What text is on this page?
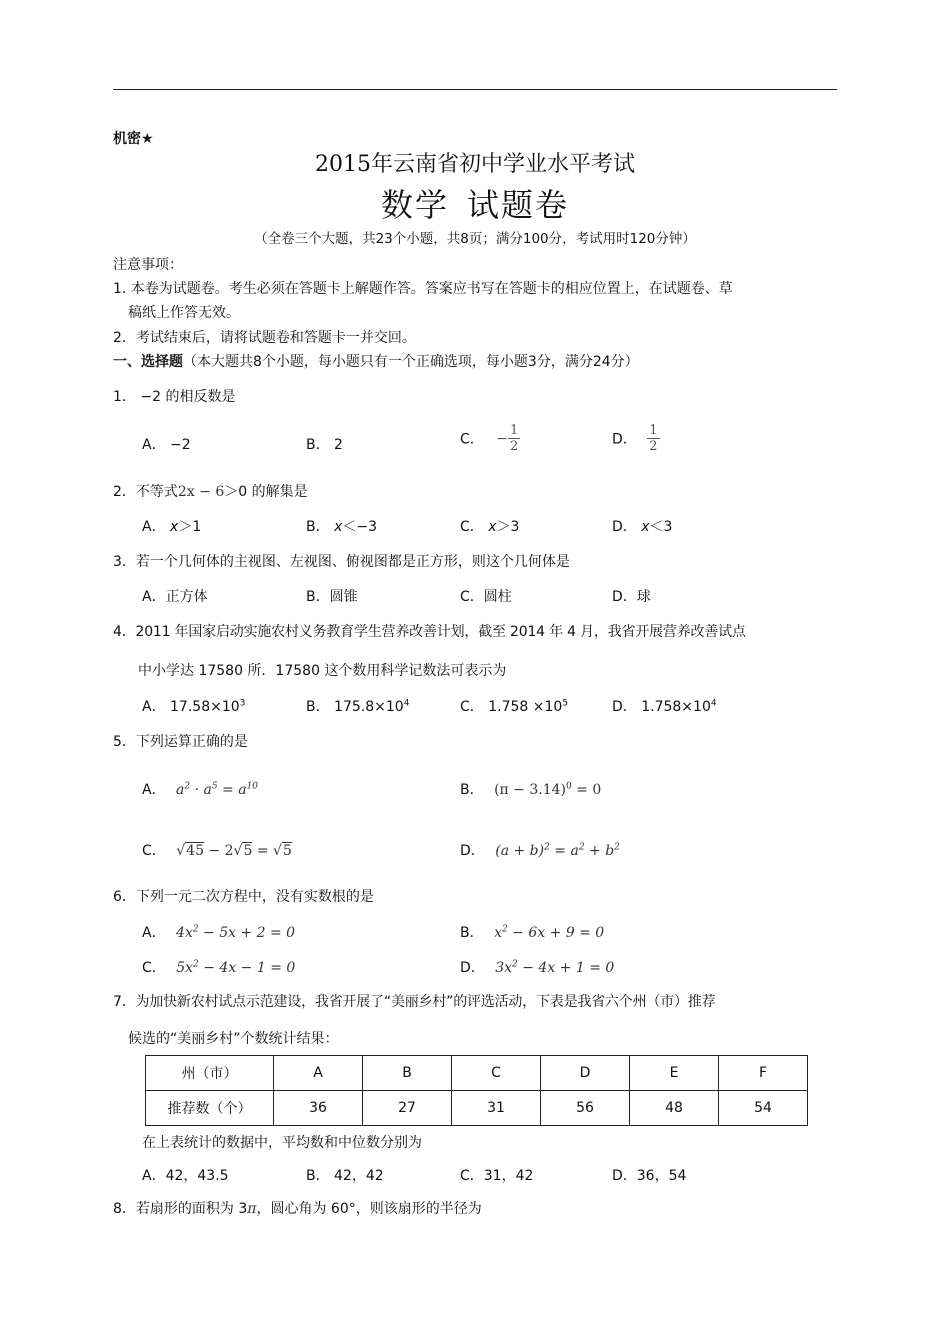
机密★
2015年云南省初中学业水平考试
数学 试题卷
（全卷三个大题，共23个小题，共8页；满分100分，考试用时120分钟）
注意事项：
1. 本卷为试题卷。考生必须在答题卡上解题作答。答案应书写在答题卡的相应位置上，在试题卷、草
稿纸上作答无效。
2．考试结束后，请将试题卷和答题卡一并交回。
一、选择题（本大题共8个小题，每小题只有一个正确选项，每小题3分，满分24分）
1． −2 的相反数是
A． −2	B． 2	C． − $\frac{1}{2}$	D． $\frac{1}{2}$
2．不等式2x − 6＞0 的解集是
A． x＞1	B． x＜−3	C． x＞3	D． x＜3
3．若一个几何体的主视图、左视图、俯视图都是正方形，则这个几何体是
A．正方体	B．圆锥	C．圆柱	D．球
4．2011 年国家启动实施农村义务教育学生营养改善计划，截至 2014 年 4 月，我省开展营养改善试点
中小学达 17580 所．17580 这个数用科学记数法可表示为
A． $17.58\times 10^3$	B． $175.8\times 10^4$	C． $1.758 \times 10^5$	D． $1.758\times 10^4$
5．下列运算正确的是
A． $a^2 \cdot a^5 = a^{10}$	B． $(\pi - 3.14)^0 = 0$
C． √45 − 2√5 = √5	D． $(a + b)^2 = a^2 + b^2$
6．下列一元二次方程中，没有实数根的是
A． $4x^2 - 5x + 2 = 0$	B． $x^2 - 6x + 9 = 0$
C． $5x^2 - 4x - 1 = 0$	D． $3x^2 - 4x + 1 = 0$
7．为加快新农村试点示范建设，我省开展了“美丽乡村”的评选活动，下表是我省六个州（市）推荐
候选的“美丽乡村”个数统计结果：
州（市）	A	B	C	D	E	F
推荐数（个）	36	27	31	56	48	54
在上表统计的数据中，平均数和中位数分别为
A．42，43.5	B． 42，42	C．31，42	D．36，54
8．若扇形的面积为 3π，圆心角为 60°，则该扇形的半径为
